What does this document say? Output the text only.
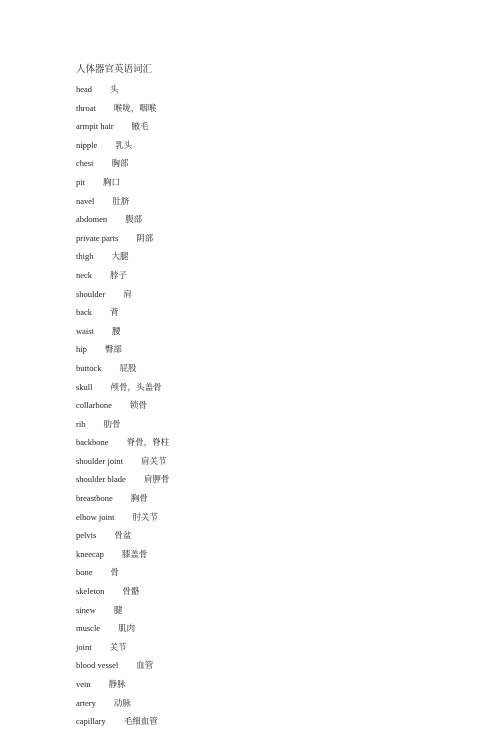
人体器官英语词汇
head 头
throat 喉咙，咽喉
armpit hair 腋毛
nipple 乳头
chest 胸部
pit 胸口
navel 肚脐
abdomen 腹部
private parts 阴部
thigh 大腿
neck 脖子
shoulder 肩
back 背
waist 腰
hip 臀部
buttock 屁股
skull 颅骨，头盖骨
collarbone 锁骨
rib 肋骨
backbone 脊骨，脊柱
shoulder joint 肩关节
shoulder blade 肩胛骨
breastbone 胸骨
elbow joint 肘关节
pelvis 骨盆
kneecap 膝盖骨
bone 骨
skeleton 骨骼
sinew 腱
muscle 肌肉
joint 关节
blood vessel 血管
vein 静脉
artery 动脉
capillary 毛细血管
